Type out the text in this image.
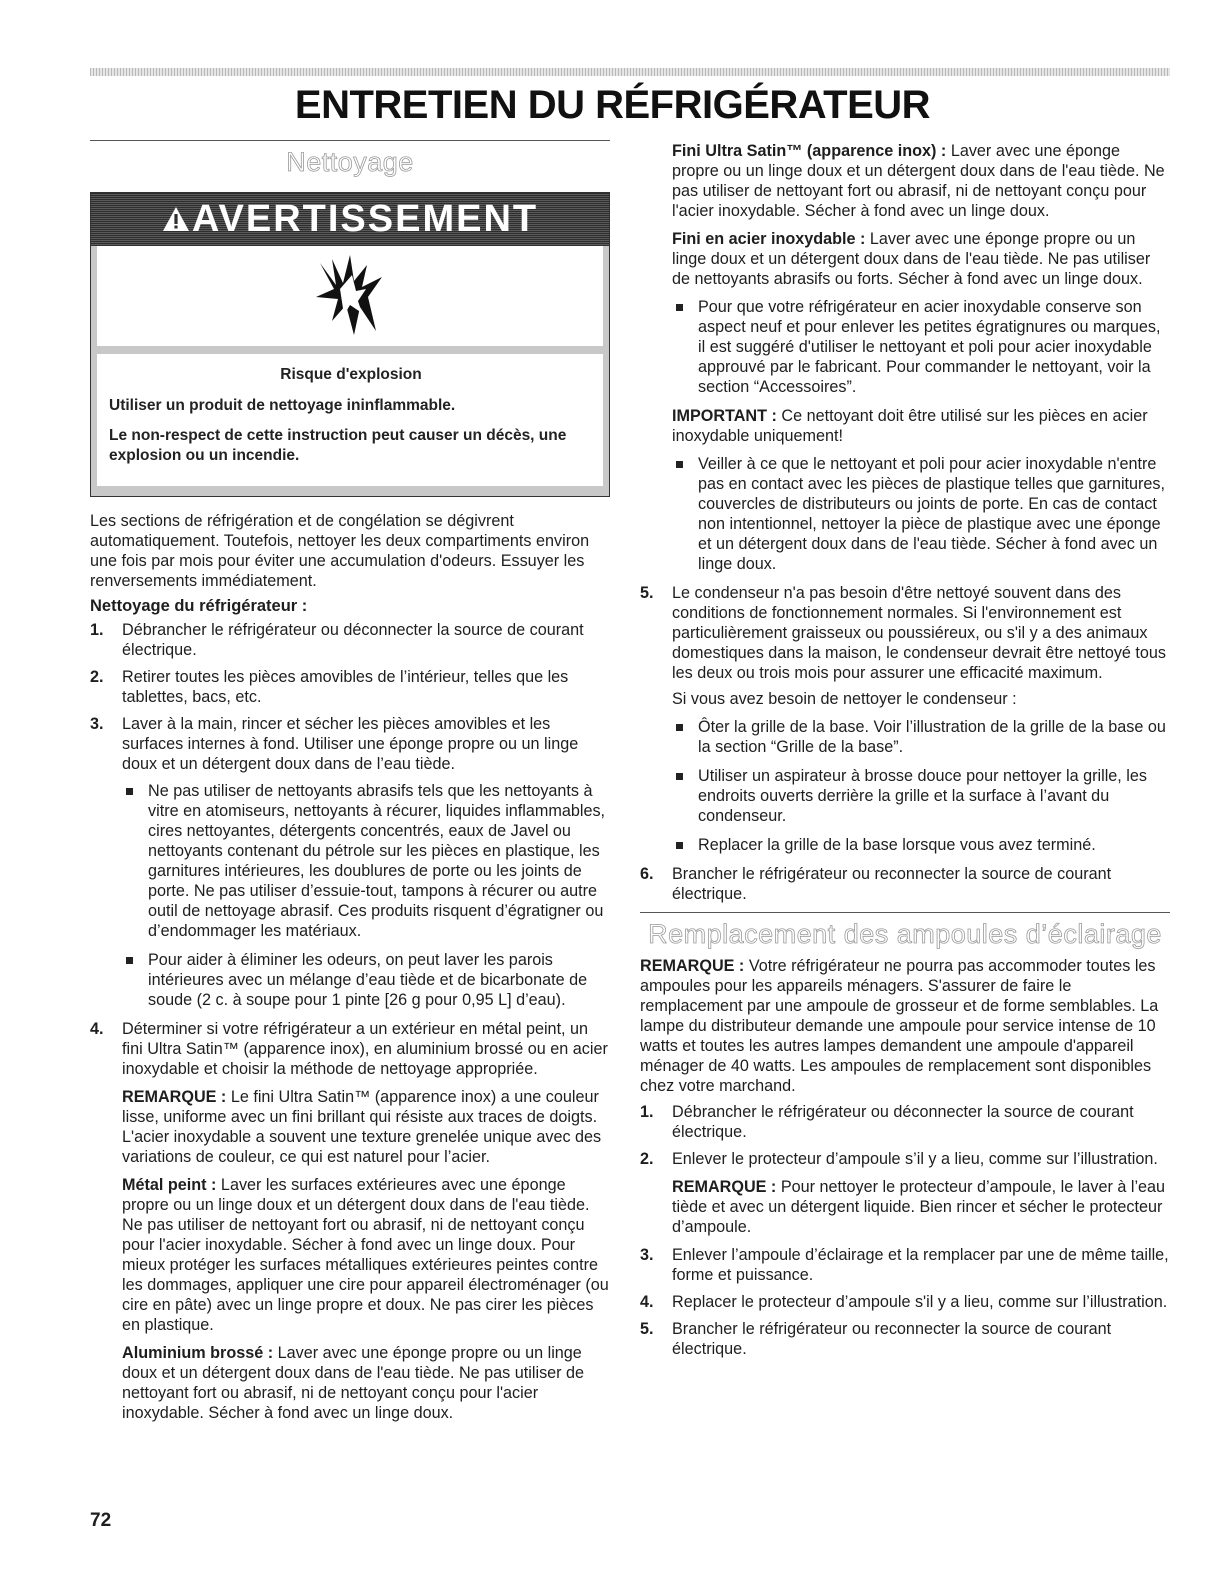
ENTRETIEN DU RÉFRIGÉRATEUR
Nettoyage
AVERTISSEMENT
Risque d'explosion

Utiliser un produit de nettoyage ininflammable.

Le non-respect de cette instruction peut causer un décès, une explosion ou un incendie.

Les sections de réfrigération et de congélation se dégivrent automatiquement. Toutefois, nettoyer les deux compartiments environ une fois par mois pour éviter une accumulation d'odeurs. Essuyer les renversements immédiatement.

Nettoyage du réfrigérateur :
1. Débrancher le réfrigérateur ou déconnecter la source de courant électrique.
2. Retirer toutes les pièces amovibles de l’intérieur, telles que les tablettes, bacs, etc.
3. Laver à la main, rincer et sécher les pièces amovibles et les surfaces internes à fond. Utiliser une éponge propre ou un linge doux et un détergent doux dans de l’eau tiède.
Ne pas utiliser de nettoyants abrasifs tels que les nettoyants à vitre en atomiseurs, nettoyants à récurer, liquides inflammables, cires nettoyantes, détergents concentrés, eaux de Javel ou nettoyants contenant du pétrole sur les pièces en plastique, les garnitures intérieures, les doublures de porte ou les joints de porte. Ne pas utiliser d’essuie-tout, tampons à récurer ou autre outil de nettoyage abrasif. Ces produits risquent d’égratigner ou d’endommager les matériaux.
Pour aider à éliminer les odeurs, on peut laver les parois intérieures avec un mélange d’eau tiède et de bicarbonate de soude (2 c. à soupe pour 1 pinte [26 g pour 0,95 L] d’eau).
4. Déterminer si votre réfrigérateur a un extérieur en métal peint, un fini Ultra Satin™ (apparence inox), en aluminium brossé ou en acier inoxydable et choisir la méthode de nettoyage appropriée.

REMARQUE : Le fini Ultra Satin™ (apparence inox) a une couleur lisse, uniforme avec un fini brillant qui résiste aux traces de doigts. L'acier inoxydable a souvent une texture grenelée unique avec des variations de couleur, ce qui est naturel pour l’acier.

Métal peint : Laver les surfaces extérieures avec une éponge propre ou un linge doux et un détergent doux dans de l'eau tiède. Ne pas utiliser de nettoyant fort ou abrasif, ni de nettoyant conçu pour l'acier inoxydable. Sécher à fond avec un linge doux. Pour mieux protéger les surfaces métalliques extérieures peintes contre les dommages, appliquer une cire pour appareil électroménager (ou cire en pâte) avec un linge propre et doux. Ne pas cirer les pièces en plastique.

Aluminium brossé : Laver avec une éponge propre ou un linge doux et un détergent doux dans de l'eau tiède. Ne pas utiliser de nettoyant fort ou abrasif, ni de nettoyant conçu pour l'acier inoxydable. Sécher à fond avec un linge doux.

Fini Ultra Satin™ (apparence inox) : Laver avec une éponge propre ou un linge doux et un détergent doux dans de l'eau tiède. Ne pas utiliser de nettoyant fort ou abrasif, ni de nettoyant conçu pour l'acier inoxydable. Sécher à fond avec un linge doux.

Fini en acier inoxydable : Laver avec une éponge propre ou un linge doux et un détergent doux dans de l'eau tiède. Ne pas utiliser de nettoyants abrasifs ou forts. Sécher à fond avec un linge doux.

Pour que votre réfrigérateur en acier inoxydable conserve son aspect neuf et pour enlever les petites égratignures ou marques, il est suggéré d'utiliser le nettoyant et poli pour acier inoxydable approuvé par le fabricant. Pour commander le nettoyant, voir la section “Accessoires”.

IMPORTANT : Ce nettoyant doit être utilisé sur les pièces en acier inoxydable uniquement!

Veiller à ce que le nettoyant et poli pour acier inoxydable n'entre pas en contact avec les pièces de plastique telles que garnitures, couvercles de distributeurs ou joints de porte. En cas de contact non intentionnel, nettoyer la pièce de plastique avec une éponge et un détergent doux dans de l'eau tiède. Sécher à fond avec un linge doux.
5. Le condenseur n'a pas besoin d'être nettoyé souvent dans des conditions de fonctionnement normales. Si l'environnement est particulièrement graisseux ou poussiéreux, ou s'il y a des animaux domestiques dans la maison, le condenseur devrait être nettoyé tous les deux ou trois mois pour assurer une efficacité maximum.

Si vous avez besoin de nettoyer le condenseur :

Ôter la grille de la base. Voir l’illustration de la grille de la base ou la section “Grille de la base”.
Utiliser un aspirateur à brosse douce pour nettoyer la grille, les endroits ouverts derrière la grille et la surface à l’avant du condenseur.
Replacer la grille de la base lorsque vous avez terminé.
6. Brancher le réfrigérateur ou reconnecter la source de courant électrique.
Remplacement des ampoules d’éclairage

REMARQUE : Votre réfrigérateur ne pourra pas accommoder toutes les ampoules pour les appareils ménagers. S'assurer de faire le remplacement par une ampoule de grosseur et de forme semblables. La lampe du distributeur demande une ampoule pour service intense de 10 watts et toutes les autres lampes demandent une ampoule d'appareil ménager de 40 watts. Les ampoules de remplacement sont disponibles chez votre marchand.

1. Débrancher le réfrigérateur ou déconnecter la source de courant électrique.
2. Enlever le protecteur d’ampoule s’il y a lieu, comme sur l’illustration.

REMARQUE : Pour nettoyer le protecteur d’ampoule, le laver à l’eau tiède et avec un détergent liquide. Bien rincer et sécher le protecteur d’ampoule.

3. Enlever l’ampoule d’éclairage et la remplacer par une de même taille, forme et puissance.
4. Replacer le protecteur d’ampoule s'il y a lieu, comme sur l’illustration.
5. Brancher le réfrigérateur ou reconnecter la source de courant électrique.
72
